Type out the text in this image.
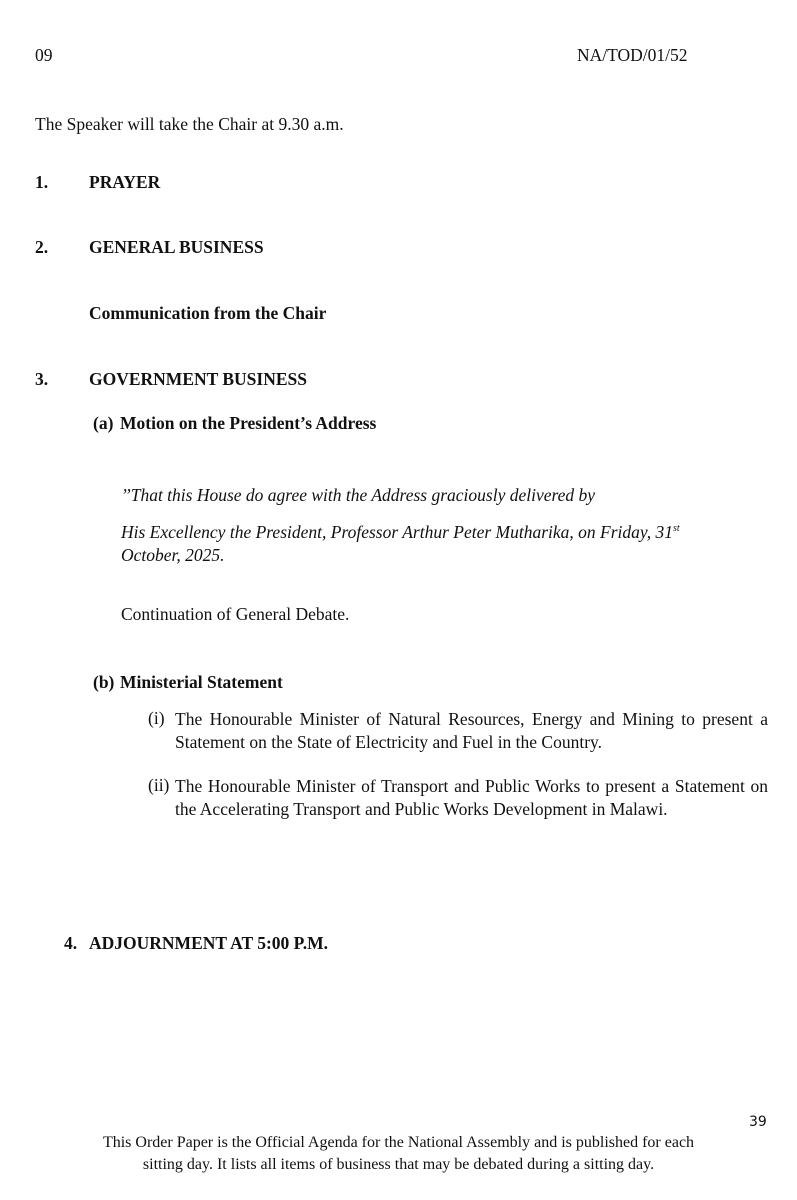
09	NA/TOD/01/52
The Speaker will take the Chair at 9.30 a.m.
1. PRAYER
2. GENERAL BUSINESS
Communication from the Chair
3. GOVERNMENT BUSINESS
(a) Motion on the President’s Address
’’That this House do agree with the Address graciously delivered by
His Excellency the President, Professor Arthur Peter Mutharika, on Friday, 31st
October, 2025.
Continuation of General Debate.
(b) Ministerial Statement
(i) The Honourable Minister of Natural Resources, Energy and Mining to present a Statement on the State of Electricity and Fuel in the Country.
(ii) The Honourable Minister of Transport and Public Works to present a Statement on the Accelerating Transport and Public Works Development in Malawi.
4. ADJOURNMENT AT 5:00 P.M.
39
This Order Paper is the Official Agenda for the National Assembly and is published for each
sitting day. It lists all items of business that may be debated during a sitting day.
